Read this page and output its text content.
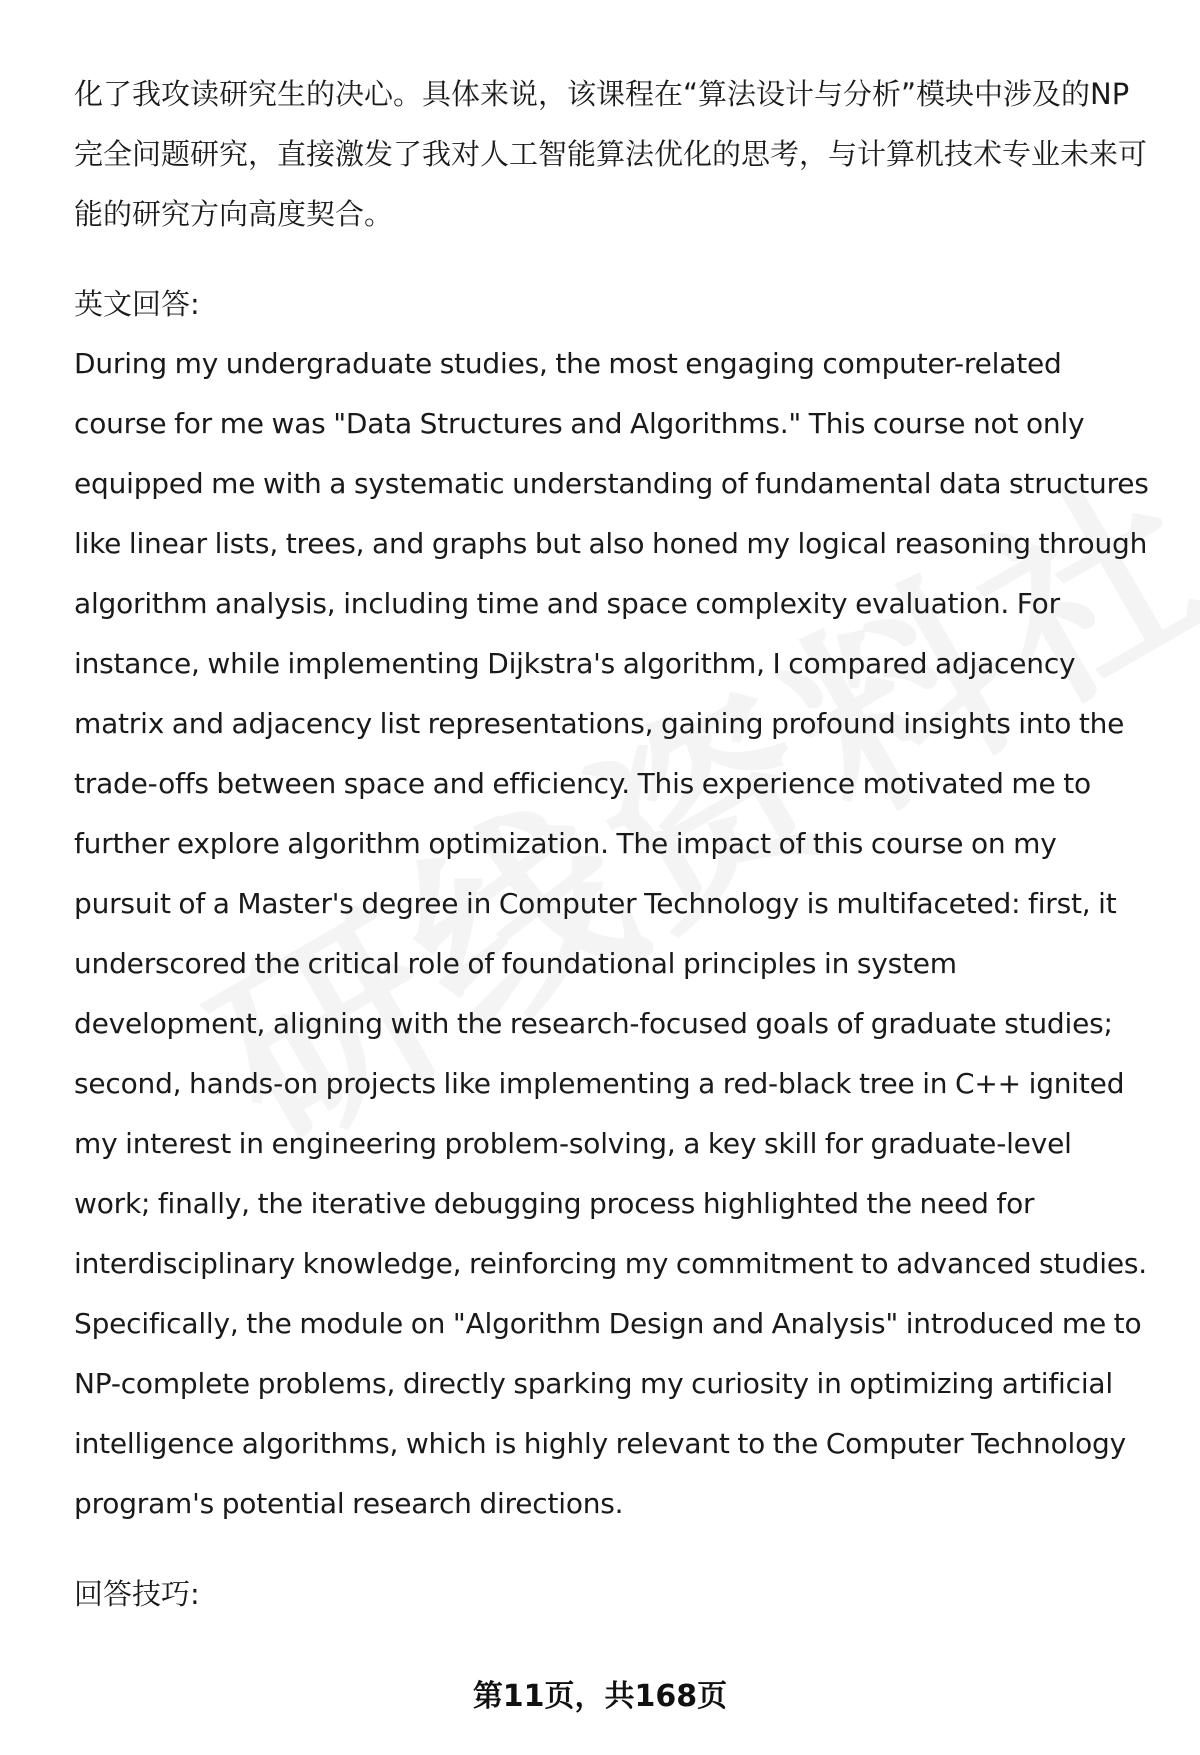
化了我攻读研究生的决心。具体来说，该课程在“算法设计与分析”模块中涉及的NP完全问题研究，直接激发了我对人工智能算法优化的思考，与计算机技术专业未来可能的研究方向高度契合。

英文回答:

During my undergraduate studies, the most engaging computer-related course for me was "Data Structures and Algorithms." This course not only equipped me with a systematic understanding of fundamental data structures like linear lists, trees, and graphs but also honed my logical reasoning through algorithm analysis, including time and space complexity evaluation. For instance, while implementing Dijkstra's algorithm, I compared adjacency matrix and adjacency list representations, gaining profound insights into the trade-offs between space and efficiency. This experience motivated me to further explore algorithm optimization. The impact of this course on my pursuit of a Master's degree in Computer Technology is multifaceted: first, it underscored the critical role of foundational principles in system development, aligning with the research-focused goals of graduate studies; second, hands-on projects like implementing a red-black tree in C++ ignited my interest in engineering problem-solving, a key skill for graduate-level work; finally, the iterative debugging process highlighted the need for interdisciplinary knowledge, reinforcing my commitment to advanced studies. Specifically, the module on "Algorithm Design and Analysis" introduced me to NP-complete problems, directly sparking my curiosity in optimizing artificial intelligence algorithms, which is highly relevant to the Computer Technology program's potential research directions.

回答技巧:

第11页，共168页
